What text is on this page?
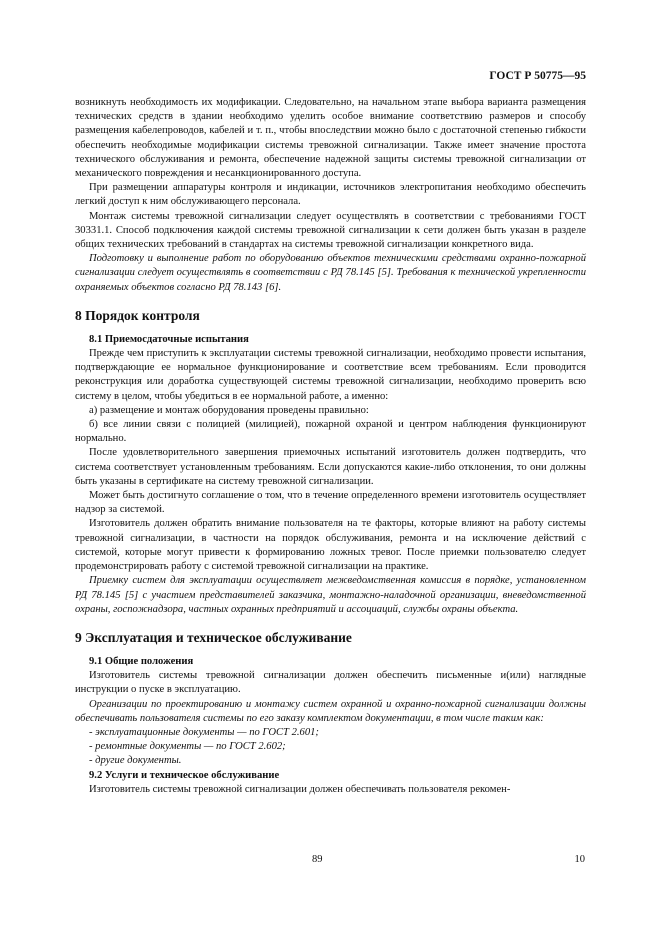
ГОСТ Р 50775—95

возникнуть необходимость их модификации. Следовательно, на начальном этапе выбора варианта размещения технических средств в здании необходимо уделить особое внимание соответствию размеров и способу размещения кабелепроводов, кабелей и т. п., чтобы впоследствии можно было с достаточной степенью гибкости обеспечить необходимые модификации системы тревожной сигнализации. Также имеет значение простота технического обслуживания и ремонта, обеспечение надежной защиты системы тревожной сигнализации от механического повреждения и несанкционированного доступа.

При размещении аппаратуры контроля и индикации, источников электропитания необходимо обеспечить легкий доступ к ним обслуживающего персонала.

Монтаж системы тревожной сигнализации следует осуществлять в соответствии с требованиями ГОСТ 30331.1. Способ подключения каждой системы тревожной сигнализации к сети должен быть указан в разделе общих технических требований в стандартах на системы тревожной сигнализации конкретного вида.

Подготовку и выполнение работ по оборудованию объектов техническими средствами охранно-пожарной сигнализации следует осуществлять в соответствии с РД 78.145 [5]. Требования к технической укрепленности охраняемых объектов согласно РД 78.143 [6].

8 Порядок контроля

8.1 Приемосдаточные испытания

Прежде чем приступить к эксплуатации системы тревожной сигнализации, необходимо провести испытания, подтверждающие ее нормальное функционирование и соответствие всем требованиям. Если проводится реконструкция или доработка существующей системы тревожной сигнализации, необходимо проверить всю систему в целом, чтобы убедиться в ее нормальной работе, а именно:

а) размещение и монтаж оборудования проведены правильно:

б) все линии связи с полицией (милицией), пожарной охраной и центром наблюдения функционируют нормально.

После удовлетворительного завершения приемочных испытаний изготовитель должен подтвердить, что система соответствует установленным требованиям. Если допускаются какие-либо отклонения, то они должны быть указаны в сертификате на систему тревожной сигнализации.

Может быть достигнуто соглашение о том, что в течение определенного времени изготовитель осуществляет надзор за системой.

Изготовитель должен обратить внимание пользователя на те факторы, которые влияют на работу системы тревожной сигнализации, в частности на порядок обслуживания, ремонта и на исключение действий с системой, которые могут привести к формированию ложных тревог. После приемки пользователю следует продемонстрировать работу с системой тревожной сигнализации на практике.

Приемку систем для эксплуатации осуществляет межведомственная комиссия в порядке, установленном РД 78.145 [5] с участием представителей заказчика, монтажно-наладочной организации, вневедомственной охраны, госпожнадзора, частных охранных предприятий и ассоциаций, службы охраны объекта.

9 Эксплуатация и техническое обслуживание

9.1 Общие положения

Изготовитель системы тревожной сигнализации должен обеспечить письменные и(или) наглядные инструкции о пуске в эксплуатацию.

Организации по проектированию и монтажу систем охранной и охранно-пожарной сигнализации должны обеспечивать пользователя системы по его заказу комплектом документации, в том числе таким как:

- эксплуатационные документы — по ГОСТ 2.601;

- ремонтные документы — по ГОСТ 2.602;

- другие документы.

9.2 Услуги и техническое обслуживание

Изготовитель системы тревожной сигнализации должен обеспечивать пользователя рекомен-

89	10
